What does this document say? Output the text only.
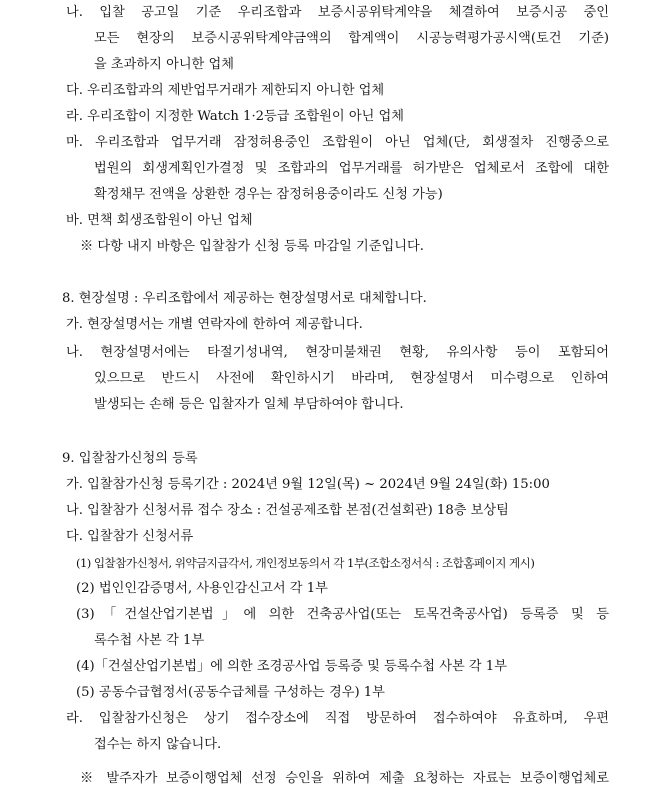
나. 입찰 공고일 기준 우리조합과 보증시공위탁계약을 체결하여 보증시공 중인
모든 현장의 보증시공위탁계약금액의 합계액이 시공능력평가공시액(토건 기준)
을 초과하지 아니한 업체
다. 우리조합과의 제반업무거래가 제한되지 아니한 업체
라. 우리조합이 지정한 Watch 1·2등급 조합원이 아닌 업체
마. 우리조합과 업무거래 잠정허용중인 조합원이 아닌 업체(단, 회생절차 진행중으로
법원의 회생계획인가결정 및 조합과의 업무거래를 허가받은 업체로서 조합에 대한
확정채무 전액을 상환한 경우는 잠정허용중이라도 신청 가능)
바. 면책 회생조합원이 아닌 업체
※ 다항 내지 바항은 입찰참가 신청 등록 마감일 기준입니다.
8. 현장설명 : 우리조합에서 제공하는 현장설명서로 대체합니다.
가. 현장설명서는 개별 연락자에 한하여 제공합니다.
나. 현장설명서에는 타절기성내역, 현장미불채권 현황, 유의사항 등이 포함되어
있으므로 반드시 사전에 확인하시기 바라며, 현장설명서 미수령으로 인하여
발생되는 손해 등은 입찰자가 일체 부담하여야 합니다.
9. 입찰참가신청의 등록
가. 입찰참가신청 등록기간 : 2024년 9월 12일(목) ~ 2024년 9월 24일(화) 15:00
나. 입찰참가 신청서류 접수 장소 : 건설공제조합 본점(건설회관) 18층 보상팀
다. 입찰참가 신청서류
(1) 입찰참가신청서, 위약금지급각서, 개인정보동의서 각 1부(조합소정서식 : 조합홈페이지 게시)
(2) 법인인감증명서, 사용인감신고서 각 1부
(3)「건설산업기본법」에 의한 건축공사업(또는 토목건축공사업) 등록증 및 등
록수첩 사본 각 1부
(4)「건설산업기본법」에 의한 조경공사업 등록증 및 등록수첩 사본 각 1부
(5) 공동수급협정서(공동수급체를 구성하는 경우) 1부
라. 입찰참가신청은 상기 접수장소에 직접 방문하여 접수하여야 유효하며, 우편
접수는 하지 않습니다.
※ 발주자가 보증이행업체 선정 승인을 위하여 제출 요청하는 자료는 보증이행업체로
